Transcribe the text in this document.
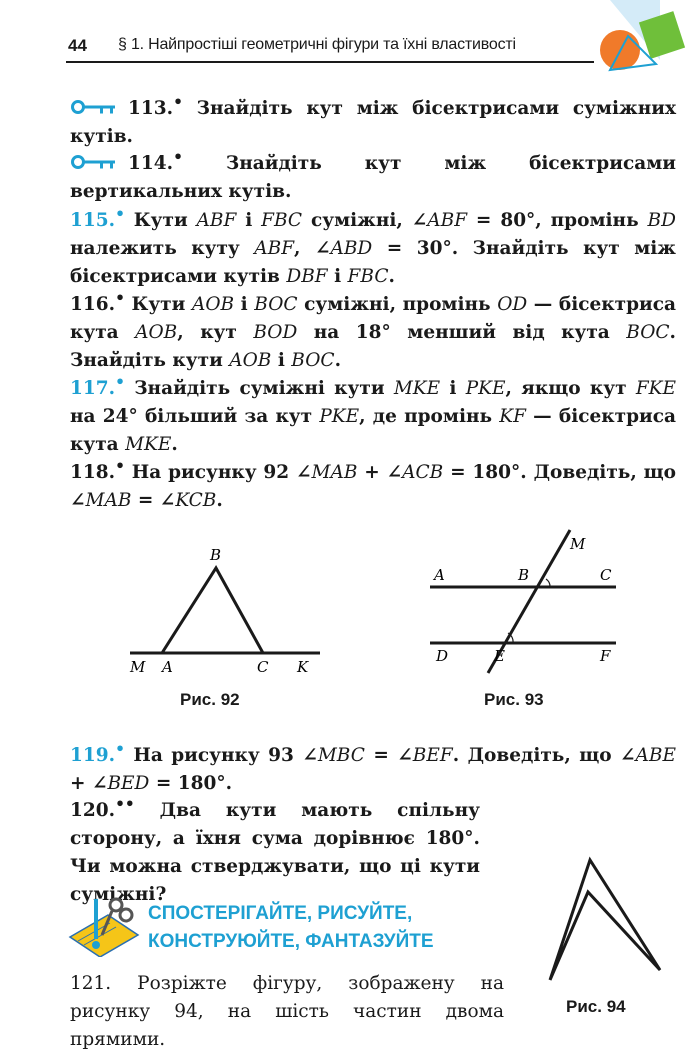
44 § 1. Найпростіші геометричні фігури та їхні властивості
113.• Знайдіть кут між бісектрисами суміжних кутів.
114.• Знайдіть кут між бісектрисами вертикальних кутів.
115.• Кути ABF і FBC суміжні, ∠ABF = 80°, промінь BD належить куту ABF, ∠ABD = 30°. Знайдіть кут між бісектрисами кутів DBF і FBC.
116.• Кути AOB і BOC суміжні, промінь OD — бісектриса кута AOB, кут BOD на 18° менший від кута BOC. Знайдіть кути AOB і BOC.
117.• Знайдіть суміжні кути MKE і PKE, якщо кут FKE на 24° більший за кут PKE, де промінь KF — бісектриса кута MKE.
118.• На рисунку 92 ∠MAB + ∠ACB = 180°. Доведіть, що ∠MAB = ∠KCB.
B
M A	C K
Рис. 92
M
A	B	C
D	E	F
Рис. 93
119.• На рисунку 93 ∠MBC = ∠BEF. Доведіть, що ∠ABE + ∠BED = 180°.
120.•• Два кути мають спільну сторону, а їхня сума дорівнює 180°. Чи можна стверджувати, що ці кути суміжні?
СПОСТЕРІГАЙТЕ, РИСУЙТЕ,
КОНСТРУЮЙТЕ, ФАНТАЗУЙТЕ
121. Розріжте фігуру, зображену на рисунку 94, на шість частин двома прямими.
Рис. 94
